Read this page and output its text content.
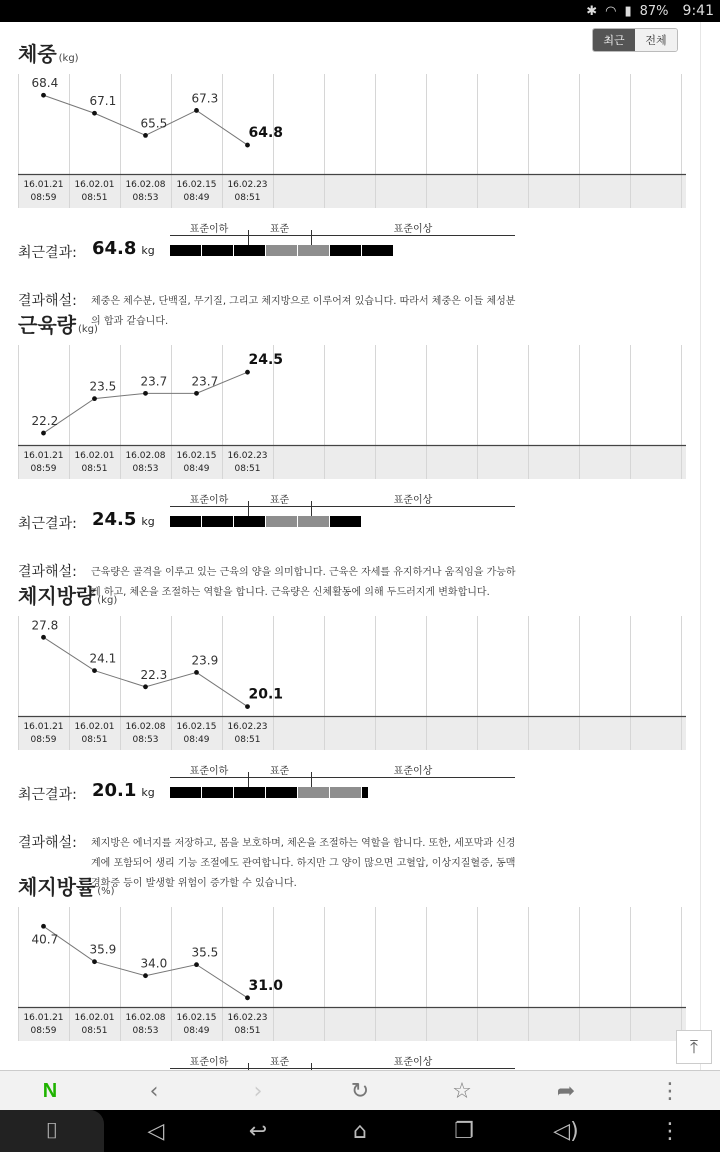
✱ ◠ ▮ 87% 9:41
최근	전체
체중 (kg)
68.4
67.1
65.5
67.3
64.8
16.01.21
08:59
16.02.01
08:51
16.02.08
08:53
16.02.15
08:49
16.02.23
08:51
최근결과: 64.8 kg
표준이하	표준	표준이상
결과해설: 체중은 체수분, 단백질, 무기질, 그리고 체지방으로 이루어져 있습니다. 따라서 체중은 이들 체성분의 합과 같습니다.
근육량 (kg)
22.2
23.5 23.7 23.7
24.5
16.01.21
08:59
16.02.01
08:51
16.02.08
08:53
16.02.15
08:49
16.02.23
08:51
최근결과: 24.5 kg
표준이하	표준	표준이상
결과해설: 근육량은 골격을 이루고 있는 근육의 양을 의미합니다. 근육은 자세를 유지하거나 움직임을 가능하게 하고, 체온을 조절하는 역할을 합니다. 근육량은 신체활동에 의해 두드러지게 변화합니다.
체지방량 (kg)
27.8
24.1
22.3
23.9
20.1
16.01.21
08:59
16.02.01
08:51
16.02.08
08:53
16.02.15
08:49
16.02.23
08:51
최근결과: 20.1 kg
표준이하	표준	표준이상
결과해설: 체지방은 에너지를 저장하고, 몸을 보호하며, 체온을 조절하는 역할을 합니다. 또한, 세포막과 신경계에 포함되어 생리 기능 조절에도 관여합니다. 하지만 그 양이 많으면 고혈압, 이상지질혈증, 동맥경화증 등이 발생할 위험이 증가할 수 있습니다.
체지방률 (%)
40.7
35.9
34.0
35.5
31.0
16.01.21
08:59
16.02.01
08:51
16.02.08
08:53
16.02.15
08:49
16.02.23
08:51
표준이하	표준	표준이상
⤒
N	‹	›	↻	☆	➦	⋮
⌷	◁	↩	⌂	❐	◁)	⋮
